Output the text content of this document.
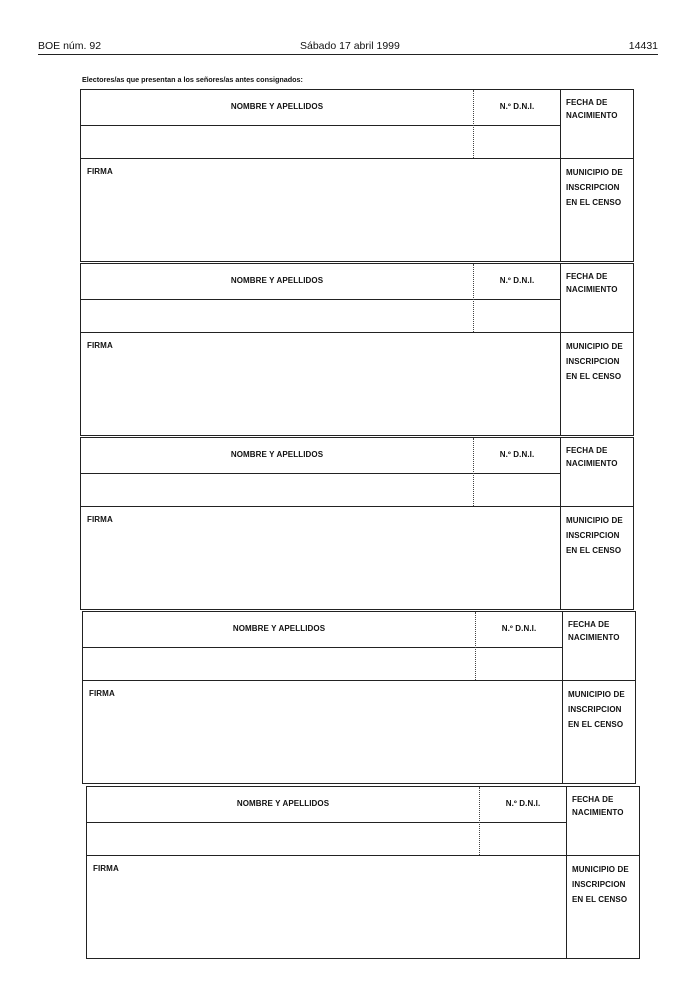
BOE núm. 92	Sábado 17 abril 1999	14431
Electores/as que presentan a los señores/as antes consignados:
NOMBRE Y APELLIDOS	N.º D.N.I.	FECHA DE
NACIMIENTO
FIRMA	MUNICIPIO DE
INSCRIPCION
EN EL CENSO
NOMBRE Y APELLIDOS	N.º D.N.I.	FECHA DE
NACIMIENTO
FIRMA	MUNICIPIO DE
INSCRIPCION
EN EL CENSO
NOMBRE Y APELLIDOS	N.º D.N.I.	FECHA DE
NACIMIENTO
FIRMA	MUNICIPIO DE
INSCRIPCION
EN EL CENSO
NOMBRE Y APELLIDOS	N.º D.N.I.	FECHA DE
NACIMIENTO
FIRMA	MUNICIPIO DE
INSCRIPCION
EN EL CENSO
NOMBRE Y APELLIDOS	N.º D.N.I.	FECHA DE
NACIMIENTO
FIRMA	MUNICIPIO DE
INSCRIPCION
EN EL CENSO
